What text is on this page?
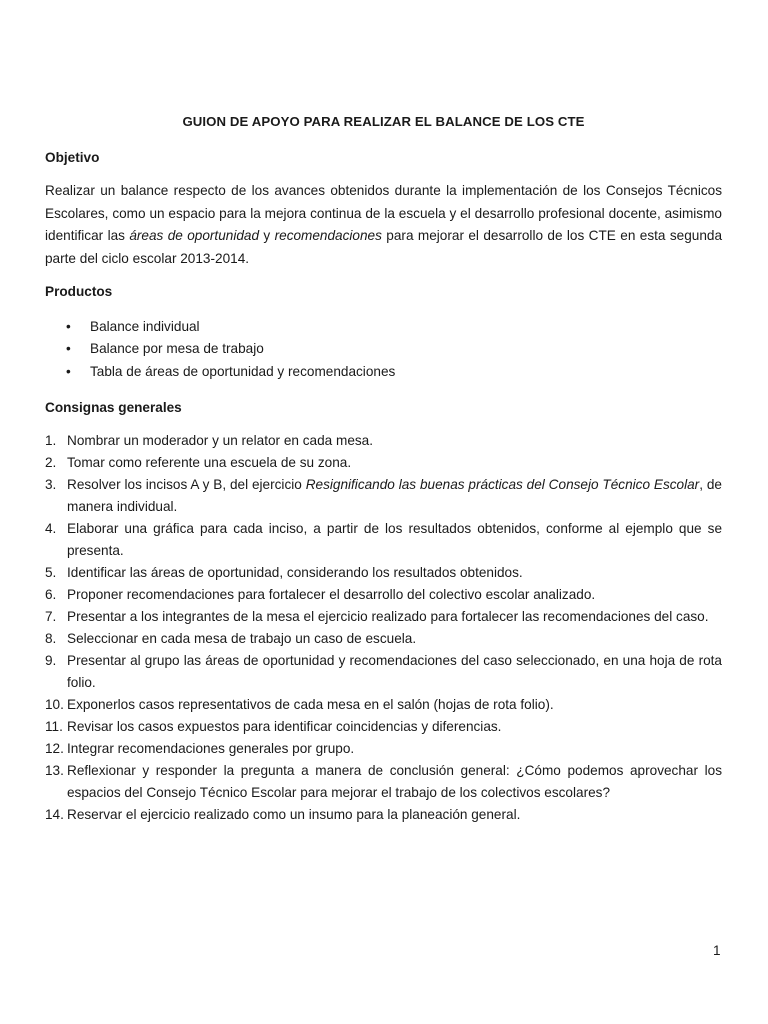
GUION DE APOYO PARA REALIZAR EL BALANCE DE LOS CTE
Objetivo
Realizar un balance respecto de los avances obtenidos durante la implementación de los Consejos Técnicos Escolares, como un espacio para la mejora continua de la escuela y el desarrollo profesional docente, asimismo identificar las áreas de oportunidad y recomendaciones para mejorar el desarrollo de los CTE en esta segunda parte del ciclo escolar 2013-2014.
Productos
• Balance individual
• Balance por mesa de trabajo
• Tabla de áreas de oportunidad y recomendaciones
Consignas generales
1. Nombrar un moderador y un relator en cada mesa.
2. Tomar como referente una escuela de su zona.
3. Resolver los incisos A y B, del ejercicio Resignificando las buenas prácticas del Consejo Técnico Escolar, de manera individual.
4. Elaborar una gráfica para cada inciso, a partir de los resultados obtenidos, conforme al ejemplo que se presenta.
5. Identificar las áreas de oportunidad, considerando los resultados obtenidos.
6. Proponer recomendaciones para fortalecer el desarrollo del colectivo escolar analizado.
7. Presentar a los integrantes de la mesa el ejercicio realizado para fortalecer las recomendaciones del caso.
8. Seleccionar en cada mesa de trabajo un caso de escuela.
9. Presentar al grupo las áreas de oportunidad y recomendaciones del caso seleccionado, en una hoja de rota folio.
10. Exponerlos casos representativos de cada mesa en el salón (hojas de rota folio).
11. Revisar los casos expuestos para identificar coincidencias y diferencias.
12. Integrar recomendaciones generales por grupo.
13. Reflexionar y responder la pregunta a manera de conclusión general: ¿Cómo podemos aprovechar los espacios del Consejo Técnico Escolar para mejorar el trabajo de los colectivos escolares?
14. Reservar el ejercicio realizado como un insumo para la planeación general.
1
